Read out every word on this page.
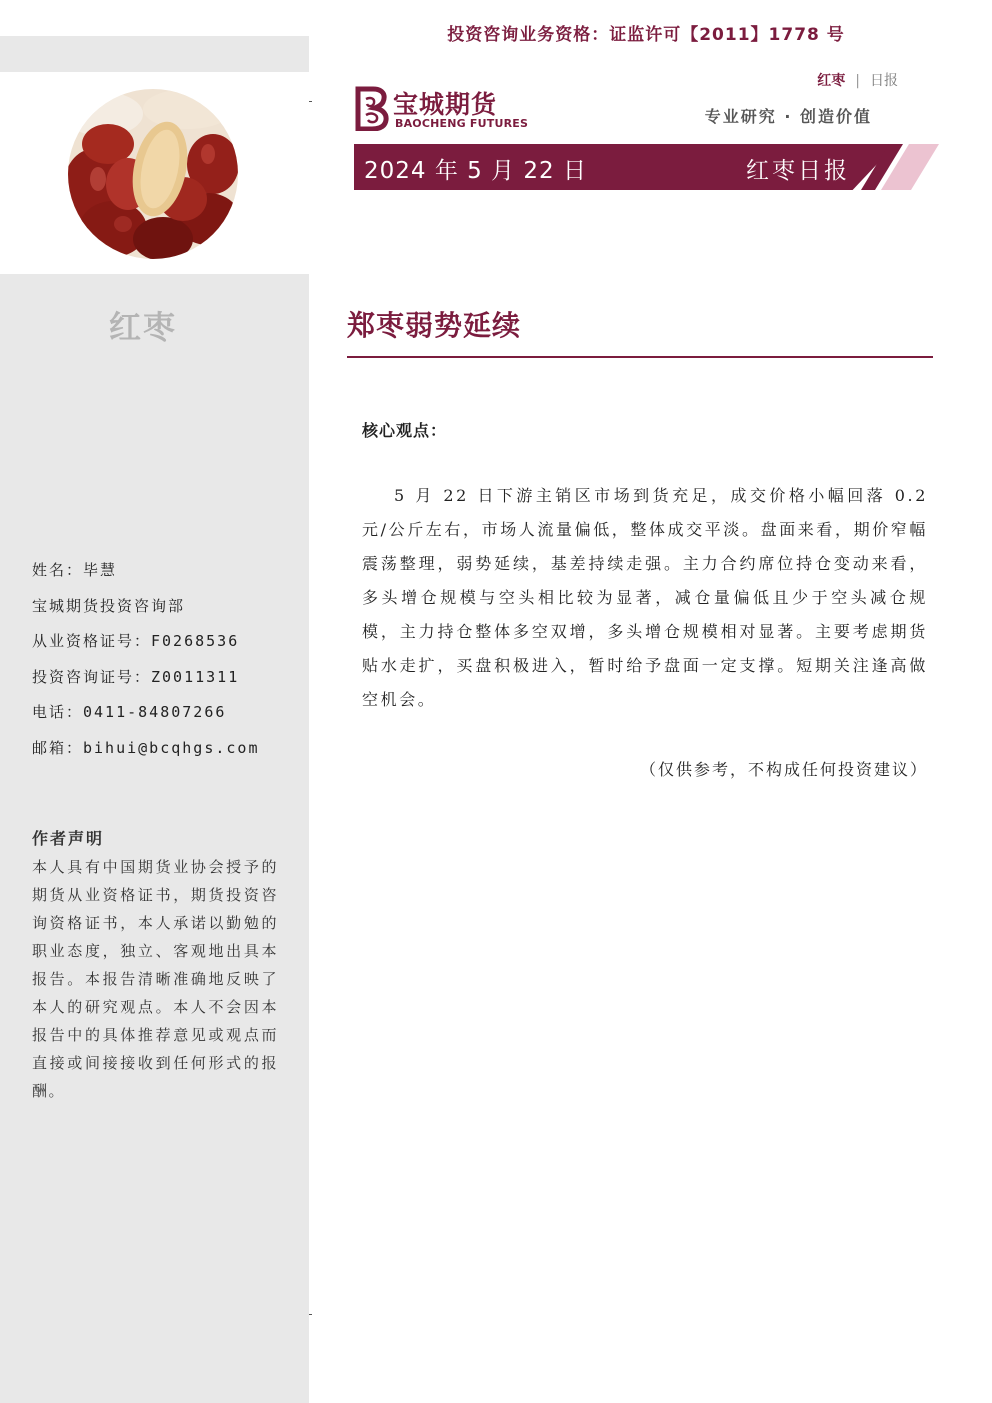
红枣
姓名：毕慧
宝城期货投资咨询部
从业资格证号：F0268536
投资咨询证号：Z0011311
电话：0411-84807266
邮箱：bihui@bcqhgs.com
作者声明
本人具有中国期货业协会授予的期货从业资格证书，期货投资咨询资格证书，本人承诺以勤勉的职业态度，独立、客观地出具本报告。本报告清晰准确地反映了本人的研究观点。本人不会因本报告中的具体推荐意见或观点而直接或间接接收到任何形式的报酬。
投资咨询业务资格：证监许可【2011】1778 号
宝城期货
BAOCHENG FUTURES
红枣 | 日报
专业研究 · 创造价值
2024 年 5 月 22 日	红枣日报
郑枣弱势延续
核心观点：
5 月 22 日下游主销区市场到货充足，成交价格小幅回落 0.2 元/公斤左右，市场人流量偏低，整体成交平淡。盘面来看，期价窄幅震荡整理，弱势延续，基差持续走强。主力合约席位持仓变动来看，多头增仓规模与空头相比较为显著，减仓量偏低且少于空头减仓规模，主力持仓整体多空双增，多头增仓规模相对显著。主要考虑期货贴水走扩，买盘积极进入，暂时给予盘面一定支撑。短期关注逢高做空机会。
（仅供参考，不构成任何投资建议）
